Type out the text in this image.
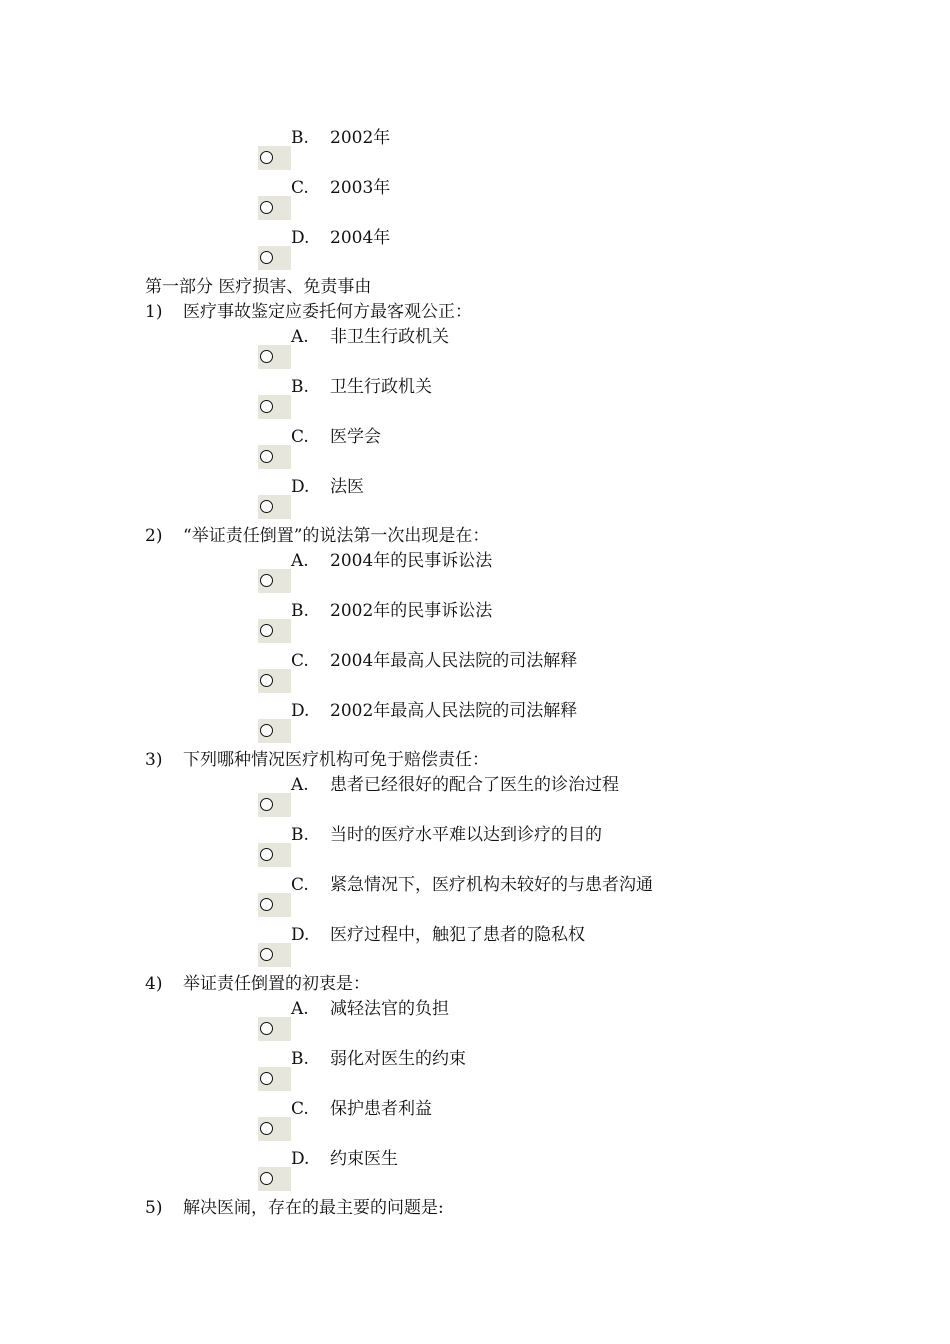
B. 2002年
C. 2003年
D. 2004年
第一部分 医疗损害、免责事由
1) 医疗事故鉴定应委托何方最客观公正：
A. 非卫生行政机关
B. 卫生行政机关
C. 医学会
D. 法医
2) “举证责任倒置”的说法第一次出现是在：
A. 2004年的民事诉讼法
B. 2002年的民事诉讼法
C. 2004年最高人民法院的司法解释
D. 2002年最高人民法院的司法解释
3) 下列哪种情况医疗机构可免于赔偿责任：
A. 患者已经很好的配合了医生的诊治过程
B. 当时的医疗水平难以达到诊疗的目的
C. 紧急情况下，医疗机构未较好的与患者沟通
D. 医疗过程中，触犯了患者的隐私权
4) 举证责任倒置的初衷是：
A. 减轻法官的负担
B. 弱化对医生的约束
C. 保护患者利益
D. 约束医生
5) 解决医闹，存在的最主要的问题是:
